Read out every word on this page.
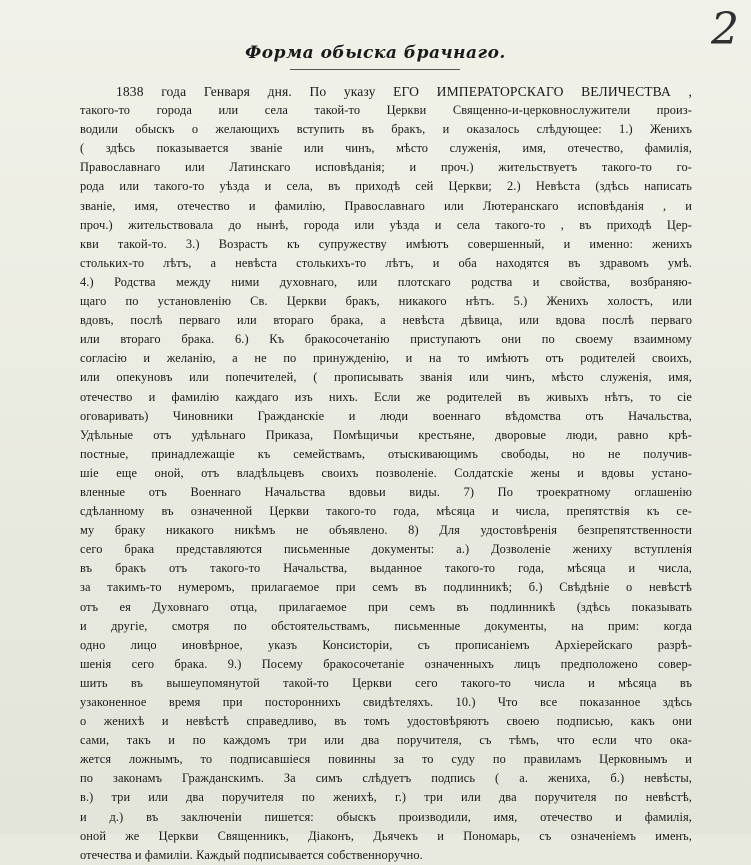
2
Форма обыска брачнаго.
1838 года Генваря дня. По указу ЕГО ИМПЕРАТОРСКАГО ВЕЛИЧЕСТВА ,
такого-то города или села такой-то Церкви Священно-и-церковнослужители произ-
водили обыскъ о желающихъ вступить въ бракъ, и оказалось слѣдующее: 1.) Женихъ
( здѣсь показывается званіе или чинъ, мѣсто служенія, имя, отечество, фамилія,
Православнаго или Латинскаго исповѣданія; и проч.) жительствуетъ такого-то го-
рода или такого-то уѣзда и села, въ приходѣ сей Церкви; 2.) Невѣста (здѣсь написать
званіе, имя, отечество и фамилію, Православнаго или Лютеранскаго исповѣданія , и
проч.) жительствовала до нынѣ, города или уѣзда и села такого-то , въ приходѣ Цер-
кви такой-то. 3.) Возрастъ къ супружеству имѣютъ совершенный, и именно: женихъ
стольких-то лѣтъ, а невѣста столькихъ-то лѣтъ, и оба находятся въ здравомъ умѣ.
4.) Родства между ними духовнаго, или плотскаго родства и свойства, возбраняю-
щаго по установленію Св. Церкви бракъ, никакого нѣтъ. 5.) Женихъ холостъ, или
вдовъ, послѣ перваго или втораго брака, а невѣста дѣвица, или вдова послѣ перваго
или втораго брака. 6.) Къ бракосочетанію приступаютъ они по своему взаимному
согласію и желанію, а не по принужденію, и на то имѣютъ отъ родителей своихъ,
или опекуновъ или попечителей, ( прописывать званія или чинъ, мѣсто служенія, имя,
отечество и фамилію каждаго изъ нихъ. Если же родителей въ живыхъ нѣтъ, то сіе
оговаривать) Чиновники Гражданскіе и люди военнаго вѣдомства отъ Начальства,
Удѣльные отъ удѣльнаго Приказа, Помѣщичьи крестьяне, дворовые люди, равно крѣ-
постные, принадлежащіе къ семействамъ, отыскивающимъ свободы, но не получив-
шіе еще оной, отъ владѣльцевъ своихъ позволеніе. Солдатскіе жены и вдовы устано-
вленные отъ Военнаго Начальства вдовьи виды. 7) По троекратному оглашенію
сдѣланному въ означенной Церкви такого-то года, мѣсяца и числа, препятствія къ се-
му браку никакого никѣмъ не объявлено. 8) Для удостовѣренія безпрепятственности
сего брака представляются письменные документы: а.) Дозволеніе жениху вступленія
въ бракъ отъ такого-то Начальства, выданное такого-то года, мѣсяца и числа,
за такимъ-то нумеромъ, прилагаемое при семъ въ подлинникѣ; б.) Свѣдѣніе о невѣстѣ
отъ ея Духовнаго отца, прилагаемое при семъ въ подлинникѣ (здѣсь показывать
и другіе, смотря по обстоятельствамъ, письменные документы, на прим: когда
одно лицо иновѣрное, указъ Консисторіи, съ прописаніемъ Архіерейскаго разрѣ-
шенія сего брака. 9.) Посему бракосочетаніе означенныхъ лицъ предположено совер-
шить въ вышеупомянутой такой-то Церкви сего такого-то числа и мѣсяца въ
узаконенное время при постороннихъ свидѣтеляхъ. 10.) Что все показанное здѣсь
о женихѣ и невѣстѣ справедливо, въ томъ удостовѣряютъ своею подписью, какъ они
сами, такъ и по каждомъ три или два поручителя, съ тѣмъ, что если что ока-
жется ложнымъ, то подписавшіеся повинны за то суду по правиламъ Церковнымъ и
по законамъ Гражданскимъ. За симъ слѣдуетъ подпись ( а. жениха, б.) невѣсты,
в.) три или два поручителя по женихѣ, г.) три или два поручителя по невѣстѣ,
и д.) въ заключеніи пишется: обыскъ производили, имя, отечество и фамилія,
оной же Церкви Священникъ, Діаконъ, Дьячекъ и Пономарь, съ означеніемъ именъ,
отечества и фамиліи. Каждый подписывается собственноручно.
